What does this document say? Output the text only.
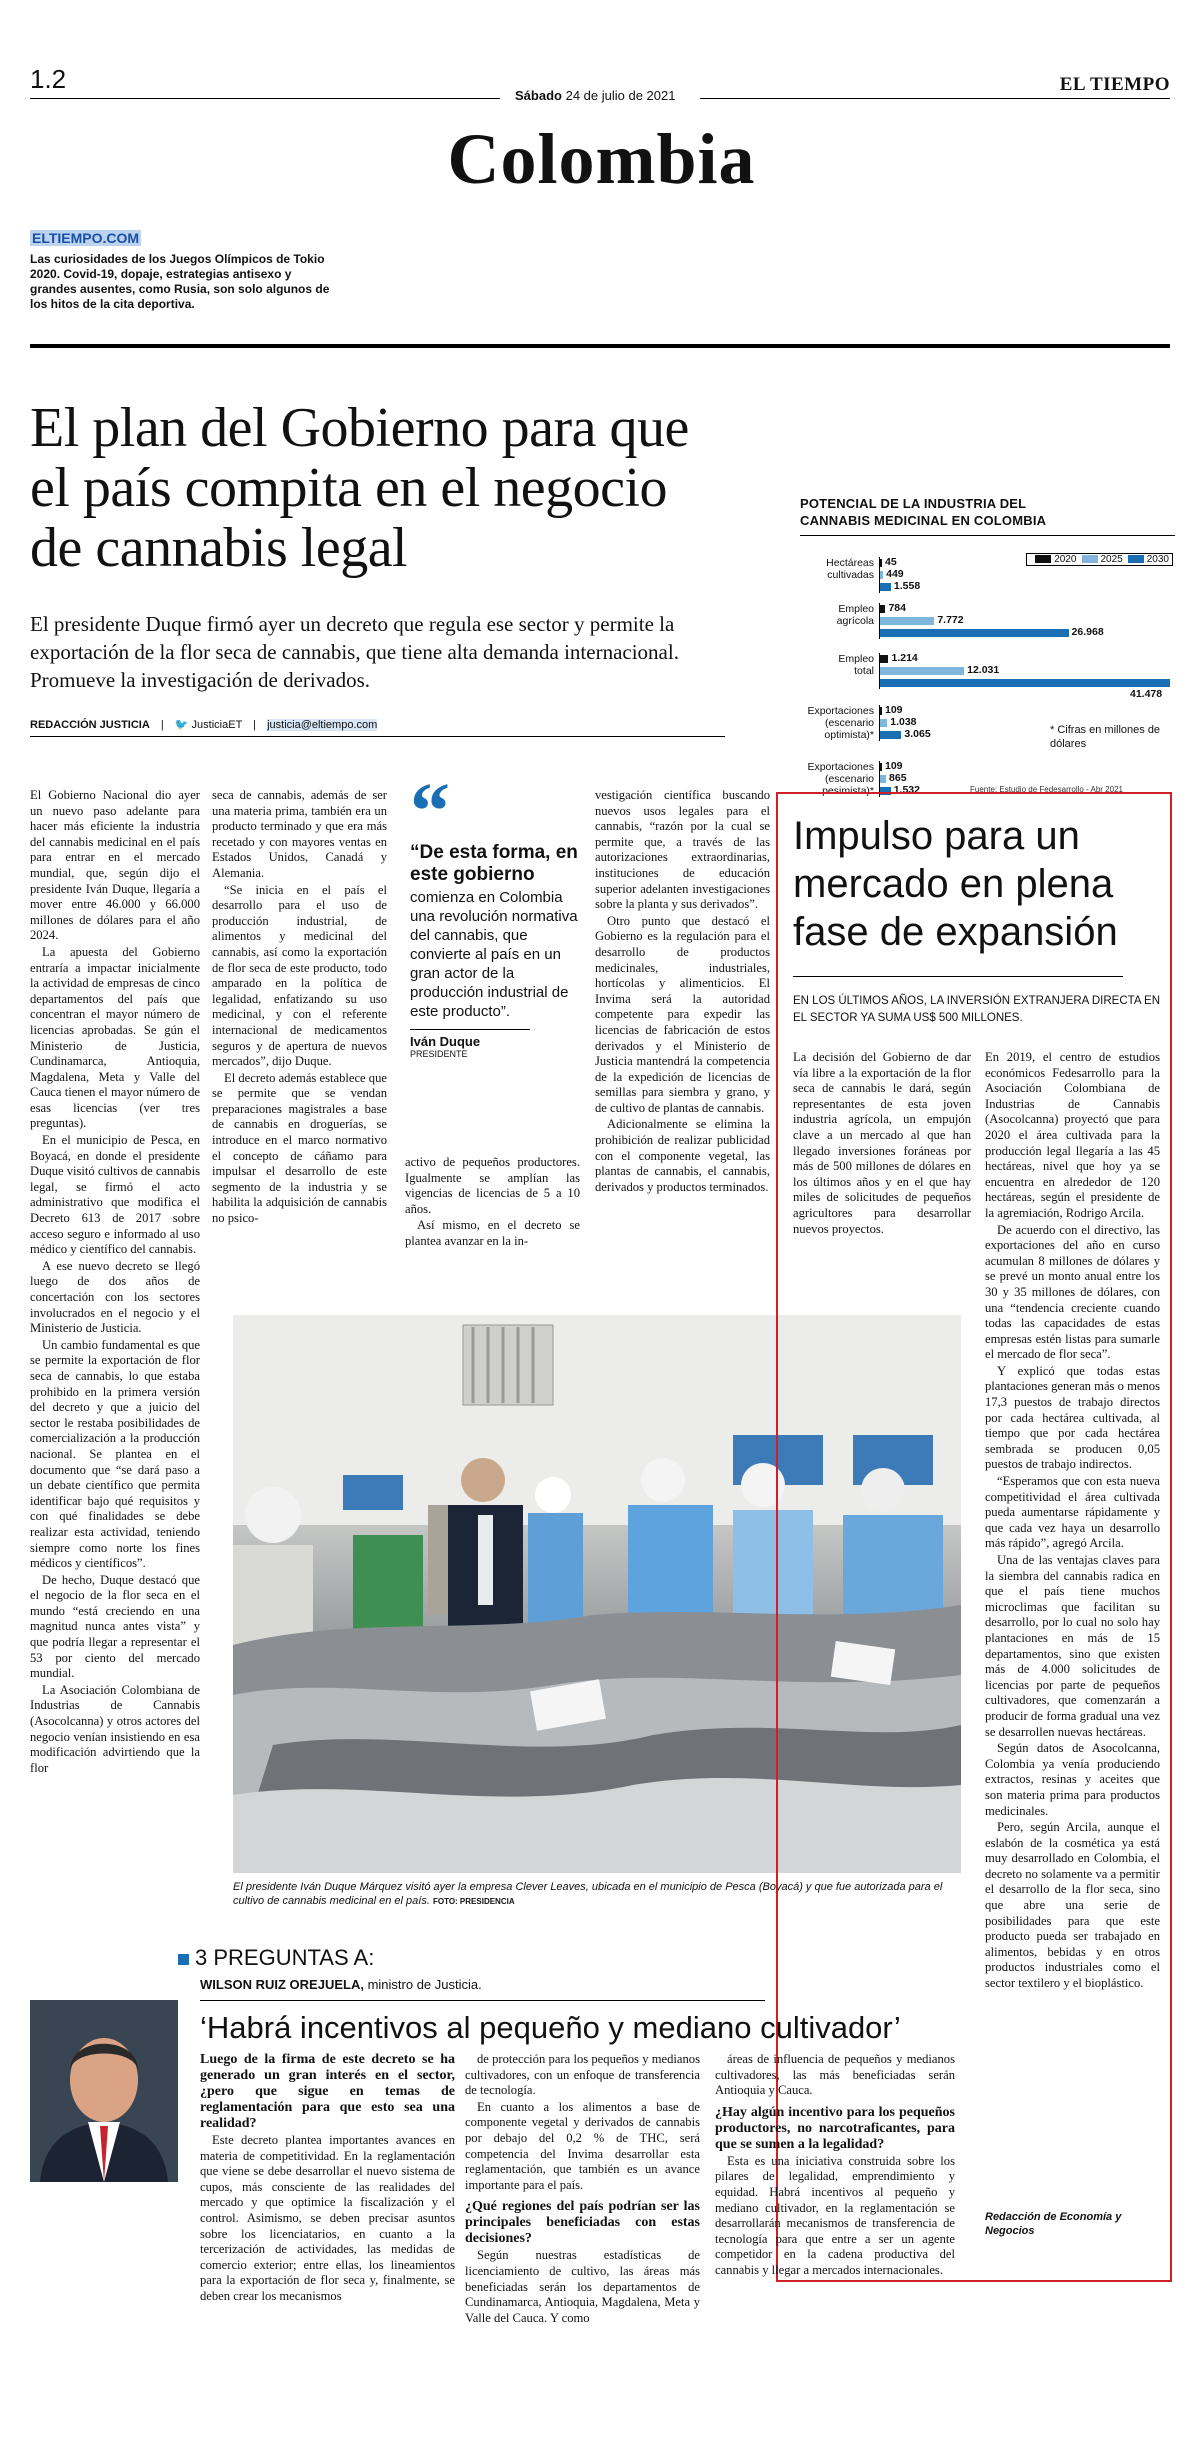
1.2
Sábado 24 de julio de 2021
EL TIEMPO
Colombia
ELTIEMPO.COM
Las curiosidades de los Juegos Olímpicos de Tokio 2020. Covid-19, dopaje, estrategias antisexo y grandes ausentes, como Rusia, son solo algunos de los hitos de la cita deportiva.
El plan del Gobierno para que el país compita en el negocio de cannabis legal
El presidente Duque firmó ayer un decreto que regula ese sector y permite la exportación de la flor seca de cannabis, que tiene alta demanda internacional. Promueve la investigación de derivados.
REDACCIÓN JUSTICIA | 🐦 JusticiaET | justicia@eltiempo.com
POTENCIAL DE LA INDUSTRIA DEL CANNABIS MEDICINAL EN COLOMBIA
2020 2025 2030
Hectáreas
cultivadas
45
449
1.558
Empleo
agrícola
784
7.772
26.968
Empleo
total
1.214
12.031
41.478
Exportaciones
(escenario
optimista)*
109
1.038
3.065
Exportaciones
(escenario
pesimista)*
109
865
1.532
* Cifras en millones de dólares
Fuente: Estudio de Fedesarrollo - Abr 2021

El Gobierno Nacional dio ayer un nuevo paso adelante para hacer más eficiente la industria del cannabis medicinal en el país para entrar en el mercado mundial, que, según dijo el presidente Iván Duque, llegaría a mover entre 46.000 y 66.000 millones de dólares para el año 2024.

La apuesta del Gobierno entraría a impactar inicialmente la actividad de empresas de cinco departamentos del país que concentran el mayor número de licencias aprobadas. Se gún el Ministerio de Justicia, Cundinamarca, Antioquia, Magdalena, Meta y Valle del Cauca tienen el mayor número de esas licencias (ver tres preguntas).

En el municipio de Pesca, en Boyacá, en donde el presidente Duque visitó cultivos de cannabis legal, se firmó el acto administrativo que modifica el Decreto 613 de 2017 sobre acceso seguro e informado al uso médico y científico del cannabis.

A ese nuevo decreto se llegó luego de dos años de concertación con los sectores involucrados en el negocio y el Ministerio de Justicia.

Un cambio fundamental es que se permite la exportación de flor seca de cannabis, lo que estaba prohibido en la primera versión del decreto y que a juicio del sector le restaba posibilidades de comercialización a la producción nacional. Se plantea en el documento que “se dará paso a un debate científico que permita identificar bajo qué requisitos y con qué finalidades se debe realizar esta actividad, teniendo siempre como norte los fines médicos y científicos”.

De hecho, Duque destacó que el negocio de la flor seca en el mundo “está creciendo en una magnitud nunca antes vista” y que podría llegar a representar el 53 por ciento del mercado mundial.

La Asociación Colombiana de Industrias de Cannabis (Asocolcanna) y otros actores del negocio venían insistiendo en esa modificación advirtiendo que la flor

seca de cannabis, además de ser una materia prima, también era un producto terminado y que era más recetado y con mayores ventas en Estados Unidos, Canadá y Alemania.

“Se inicia en el país el desarrollo para el uso de producción industrial, de alimentos y medicinal del cannabis, así como la exportación de flor seca de este producto, todo amparado en la política de legalidad, enfatizando su uso medicinal, y con el referente internacional de medicamentos seguros y de apertura de nuevos mercados”, dijo Duque.

El decreto además establece que se permite que se vendan preparaciones magistrales a base de cannabis en droguerías, se introduce en el marco normativo el concepto de cáñamo para impulsar el desarrollo de este segmento de la industria y se habilita la adquisición de cannabis no psico-

“
“De esta forma, en este gobierno
comienza en Colombia una revolución normativa del cannabis, que convierte al país en un gran actor de la producción industrial de este producto”.
Iván Duque
PRESIDENTE

activo de pequeños productores. Igualmente se amplían las vigencias de licencias de 5 a 10 años.

Así mismo, en el decreto se plantea avanzar en la in-

vestigación científica buscando nuevos usos legales para el cannabis, “razón por la cual se permite que, a través de las autorizaciones extraordinarias, instituciones de educación superior adelanten investigaciones sobre la planta y sus derivados”.

Otro punto que destacó el Gobierno es la regulación para el desarrollo de productos medicinales, industriales, hortícolas y alimenticios. El Invima será la autoridad competente para expedir las licencias de fabricación de estos derivados y el Ministerio de Justicia mantendrá la competencia de la expedición de licencias de semillas para siembra y grano, y de cultivo de plantas de cannabis.

Adicionalmente se elimina la prohibición de realizar publicidad con el componente vegetal, las plantas de cannabis, el cannabis, derivados y productos terminados.

El presidente Iván Duque Márquez visitó ayer la empresa Clever Leaves, ubicada en el municipio de Pesca (Boyacá) y que fue autorizada para el cultivo de cannabis medicinal en el país. FOTO: PRESIDENCIA
Impulso para un mercado en plena fase de expansión
EN LOS ÚLTIMOS AÑOS, LA INVERSIÓN EXTRANJERA DIRECTA EN EL SECTOR YA SUMA US$ 500 MILLONES.

La decisión del Gobierno de dar vía libre a la exportación de la flor seca de cannabis le dará, según representantes de esta joven industria agrícola, un empujón clave a un mercado al que han llegado inversiones foráneas por más de 500 millones de dólares en los últimos años y en el que hay miles de solicitudes de pequeños agricultores para desarrollar nuevos proyectos.

En 2019, el centro de estudios económicos Fedesarrollo para la Asociación Colombiana de Industrias de Cannabis (Asocolcanna) proyectó que para 2020 el área cultivada para la producción legal llegaría a las 45 hectáreas, nivel que hoy ya se encuentra en alrededor de 120 hectáreas, según el presidente de la agremiación, Rodrigo Arcila.

De acuerdo con el directivo, las exportaciones del año en curso acumulan 8 millones de dólares y se prevé un monto anual entre los 30 y 35 millones de dólares, con una “tendencia creciente cuando todas las capacidades de estas empresas estén listas para sumarle el mercado de flor seca”.

Y explicó que todas estas plantaciones generan más o menos 17,3 puestos de trabajo directos por cada hectárea cultivada, al tiempo que por cada hectárea sembrada se producen 0,05 puestos de trabajo indirectos.

“Esperamos que con esta nueva competitividad el área cultivada pueda aumentarse rápidamente y que cada vez haya un desarrollo más rápido”, agregó Arcila.

Una de las ventajas claves para la siembra del cannabis radica en que el país tiene muchos microclimas que facilitan su desarrollo, por lo cual no solo hay plantaciones en más de 15 departamentos, sino que existen más de 4.000 solicitudes de licencias por parte de pequeños cultivadores, que comenzarán a producir de forma gradual una vez se desarrollen nuevas hectáreas.

Según datos de Asocolcanna, Colombia ya venía produciendo extractos, resinas y aceites que son materia prima para productos medicinales.

Pero, según Arcila, aunque el eslabón de la cosmética ya está muy desarrollado en Colombia, el decreto no solamente va a permitir el desarrollo de la flor seca, sino que abre una serie de posibilidades para que este producto pueda ser trabajado en alimentos, bebidas y en otros productos industriales como el sector textilero y el bioplástico.

Redacción de Economía y Negocios
3 PREGUNTAS A:
WILSON RUIZ OREJUELA, ministro de Justicia.
‘Habrá incentivos al pequeño y mediano cultivador’

Luego de la firma de este decreto se ha generado un gran interés en el sector, ¿pero que sigue en temas de reglamentación para que esto sea una realidad?

Este decreto plantea importantes avances en materia de competitividad. En la reglamentación que viene se debe desarrollar el nuevo sistema de cupos, más consciente de las realidades del mercado y que optimice la fiscalización y el control. Asimismo, se deben precisar asuntos sobre los licenciatarios, en cuanto a la tercerización de actividades, las medidas de comercio exterior; entre ellas, los lineamientos para la exportación de flor seca y, finalmente, se deben crear los mecanismos

de protección para los pequeños y medianos cultivadores, con un enfoque de transferencia de tecnología.

En cuanto a los alimentos a base de componente vegetal y derivados de cannabis por debajo del 0,2 % de THC, será competencia del Invima desarrollar esta reglamentación, que también es un avance importante para el país.

¿Qué regiones del país podrían ser las principales beneficiadas con estas decisiones?

Según nuestras estadísticas de licenciamiento de cultivo, las áreas más beneficiadas serán los departamentos de Cundinamarca, Antioquia, Magdalena, Meta y Valle del Cauca. Y como

áreas de influencia de pequeños y medianos cultivadores, las más beneficiadas serán Antioquia y Cauca.

¿Hay algún incentivo para los pequeños productores, no narcotraficantes, para que se sumen a la legalidad?

Esta es una iniciativa construida sobre los pilares de legalidad, emprendimiento y equidad. Habrá incentivos al pequeño y mediano cultivador, en la reglamentación se desarrollarán mecanismos de transferencia de tecnología para que entre a ser un agente competidor en la cadena productiva del cannabis y llegar a mercados internacionales.
